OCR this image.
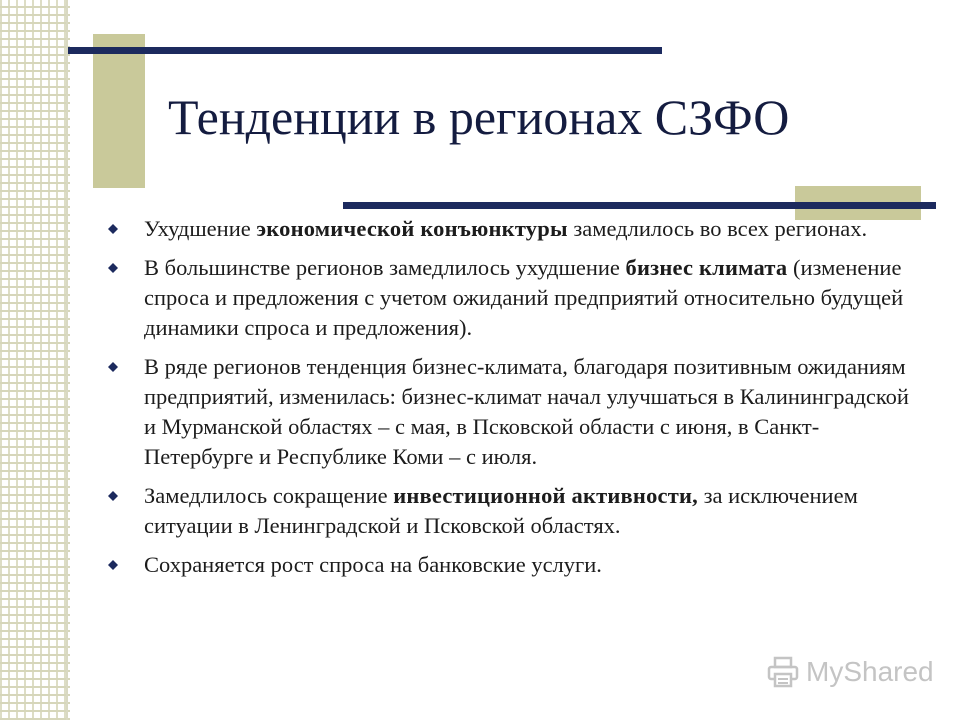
Тенденции в регионах СЗФО
Ухудшение экономической конъюнктуры замедлилось во всех регионах.
В большинстве регионов замедлилось ухудшение бизнес климата (изменение спроса и предложения с учетом ожиданий предприятий относительно будущей динамики спроса и предложения).
В ряде регионов тенденция бизнес-климата, благодаря позитивным ожиданиям предприятий, изменилась: бизнес-климат начал улучшаться в Калининградской и Мурманской областях – с мая, в Псковской области с июня, в Санкт-Петербурге и Республике Коми – с июля.
Замедлилось сокращение инвестиционной активности, за исключением ситуации в Ленинградской и Псковской областях.
Сохраняется рост спроса на банковские услуги.
MyShared
